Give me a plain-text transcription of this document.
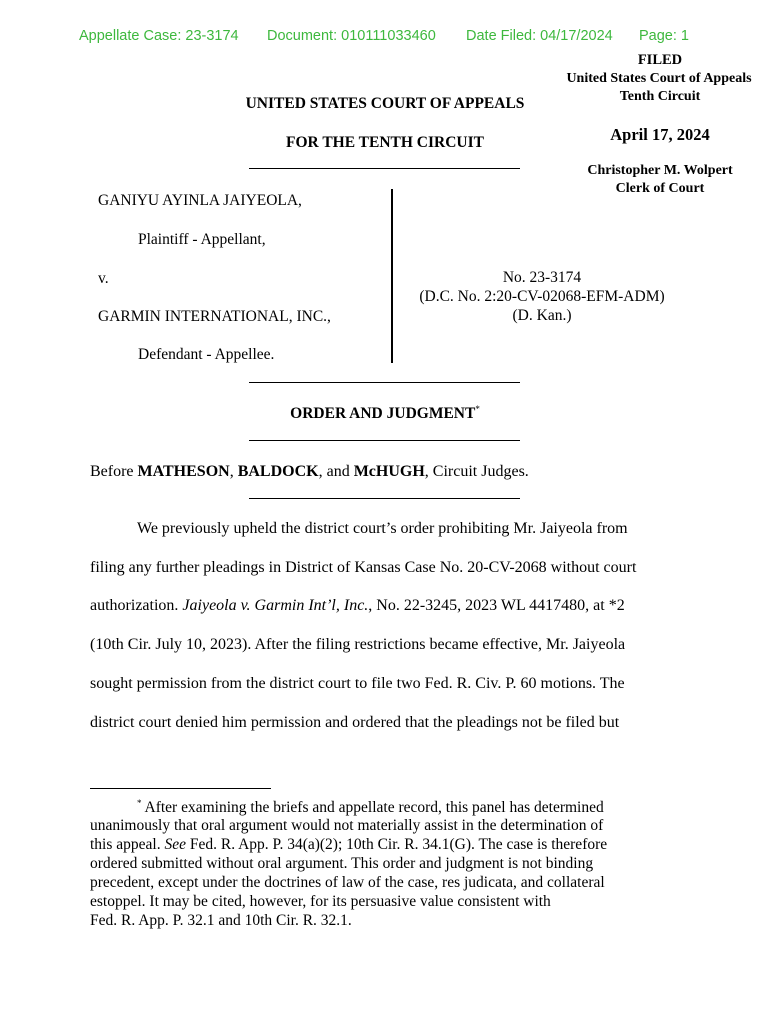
Appellate Case: 23-3174 Document: 010111033460 Date Filed: 04/17/2024 Page: 1
FILED
United States Court of Appeals
Tenth Circuit
April 17, 2024
Christopher M. Wolpert
Clerk of Court
UNITED STATES COURT OF APPEALS
FOR THE TENTH CIRCUIT
GANIYU AYINLA JAIYEOLA,
Plaintiff - Appellant,
v.
GARMIN INTERNATIONAL, INC.,
Defendant - Appellee.
No. 23-3174
(D.C. No. 2:20-CV-02068-EFM-ADM)
(D. Kan.)
ORDER AND JUDGMENT*
Before MATHESON, BALDOCK, and McHUGH, Circuit Judges.
We previously upheld the district court’s order prohibiting Mr. Jaiyeola from
filing any further pleadings in District of Kansas Case No. 20-CV-2068 without court
authorization. Jaiyeola v. Garmin Int’l, Inc., No. 22-3245, 2023 WL 4417480, at *2
(10th Cir. July 10, 2023). After the filing restrictions became effective, Mr. Jaiyeola
sought permission from the district court to file two Fed. R. Civ. P. 60 motions. The
district court denied him permission and ordered that the pleadings not be filed but
* After examining the briefs and appellate record, this panel has determined
unanimously that oral argument would not materially assist in the determination of
this appeal. See Fed. R. App. P. 34(a)(2); 10th Cir. R. 34.1(G). The case is therefore
ordered submitted without oral argument. This order and judgment is not binding
precedent, except under the doctrines of law of the case, res judicata, and collateral
estoppel. It may be cited, however, for its persuasive value consistent with
Fed. R. App. P. 32.1 and 10th Cir. R. 32.1.
